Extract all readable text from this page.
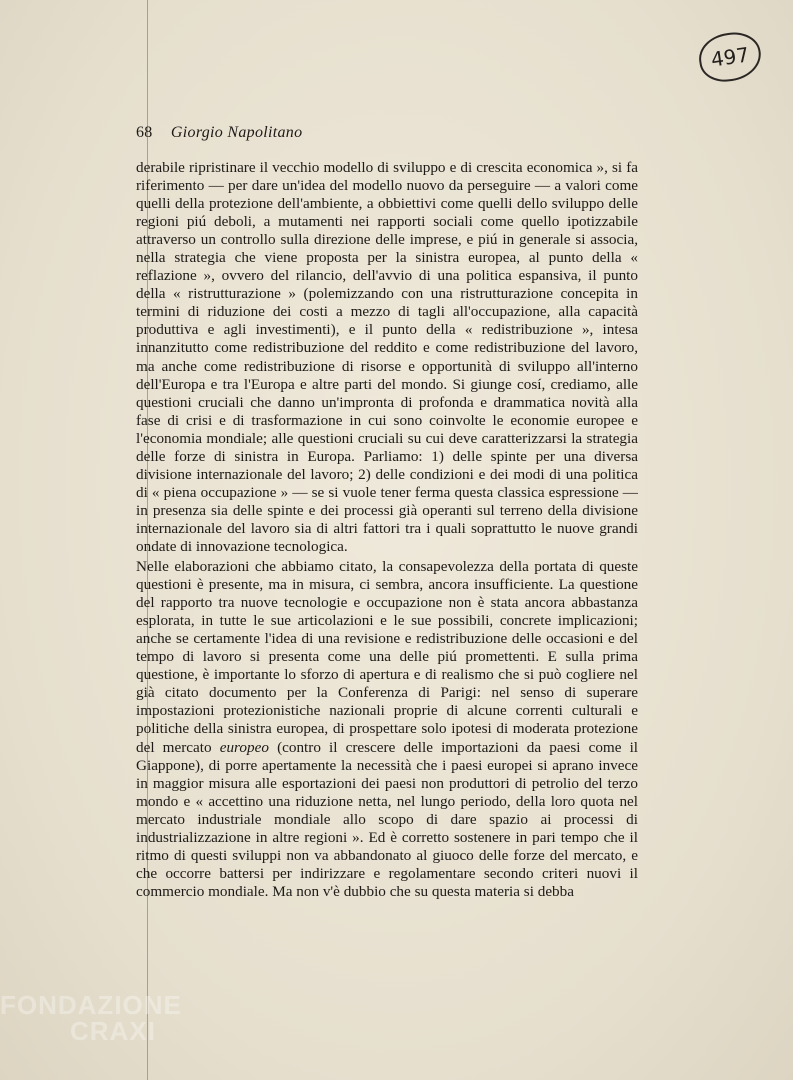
497
68 Giorgio Napolitano

derabile ripristinare il vecchio modello di sviluppo e di crescita economica », si fa riferimento — per dare un'idea del modello nuovo da perseguire — a valori come quelli della protezione dell'ambiente, a obbiettivi come quelli dello sviluppo delle regioni piú deboli, a mutamenti nei rapporti sociali come quello ipotizzabile attraverso un controllo sulla direzione delle imprese, e piú in generale si associa, nella strategia che viene proposta per la sinistra europea, al punto della « reflazione », ovvero del rilancio, dell'avvio di una politica espansiva, il punto della « ristrutturazione » (polemizzando con una ristrutturazione concepita in termini di riduzione dei costi a mezzo di tagli all'occupazione, alla capacità produttiva e agli investimenti), e il punto della « redistribuzione », intesa innanzitutto come redistribuzione del reddito e come redistribuzione del lavoro, ma anche come redistribuzione di risorse e opportunità di sviluppo all'interno dell'Europa e tra l'Europa e altre parti del mondo. Si giunge cosí, crediamo, alle questioni cruciali che danno un'impronta di profonda e drammatica novità alla fase di crisi e di trasformazione in cui sono coinvolte le economie europee e l'economia mondiale; alle questioni cruciali su cui deve caratterizzarsi la strategia delle forze di sinistra in Europa. Parliamo: 1) delle spinte per una diversa divisione internazionale del lavoro; 2) delle condizioni e dei modi di una politica di « piena occupazione » — se si vuole tener ferma questa classica espressione — in presenza sia delle spinte e dei processi già operanti sul terreno della divisione internazionale del lavoro sia di altri fattori tra i quali soprattutto le nuove grandi ondate di innovazione tecnologica.

Nelle elaborazioni che abbiamo citato, la consapevolezza della portata di queste questioni è presente, ma in misura, ci sembra, ancora insufficiente. La questione del rapporto tra nuove tecnologie e occupazione non è stata ancora abbastanza esplorata, in tutte le sue articolazioni e le sue possibili, concrete implicazioni; anche se certamente l'idea di una revisione e redistribuzione delle occasioni e del tempo di lavoro si presenta come una delle piú promettenti. E sulla prima questione, è importante lo sforzo di apertura e di realismo che si può cogliere nel già citato documento per la Conferenza di Parigi: nel senso di superare impostazioni protezionistiche nazionali proprie di alcune correnti culturali e politiche della sinistra europea, di prospettare solo ipotesi di moderata protezione del mercato europeo (contro il crescere delle importazioni da paesi come il Giappone), di porre apertamente la necessità che i paesi europei si aprano invece in maggior misura alle esportazioni dei paesi non produttori di petrolio del terzo mondo e « accettino una riduzione netta, nel lungo periodo, della loro quota nel mercato industriale mondiale allo scopo di dare spazio ai processi di industrializzazione in altre regioni ». Ed è corretto sostenere in pari tempo che il ritmo di questi sviluppi non va abbandonato al giuoco delle forze del mercato, e che occorre battersi per indirizzare e regolamentare secondo criteri nuovi il commercio mondiale. Ma non v'è dubbio che su questa materia si debba

FONDAZIONE
CRAXI
